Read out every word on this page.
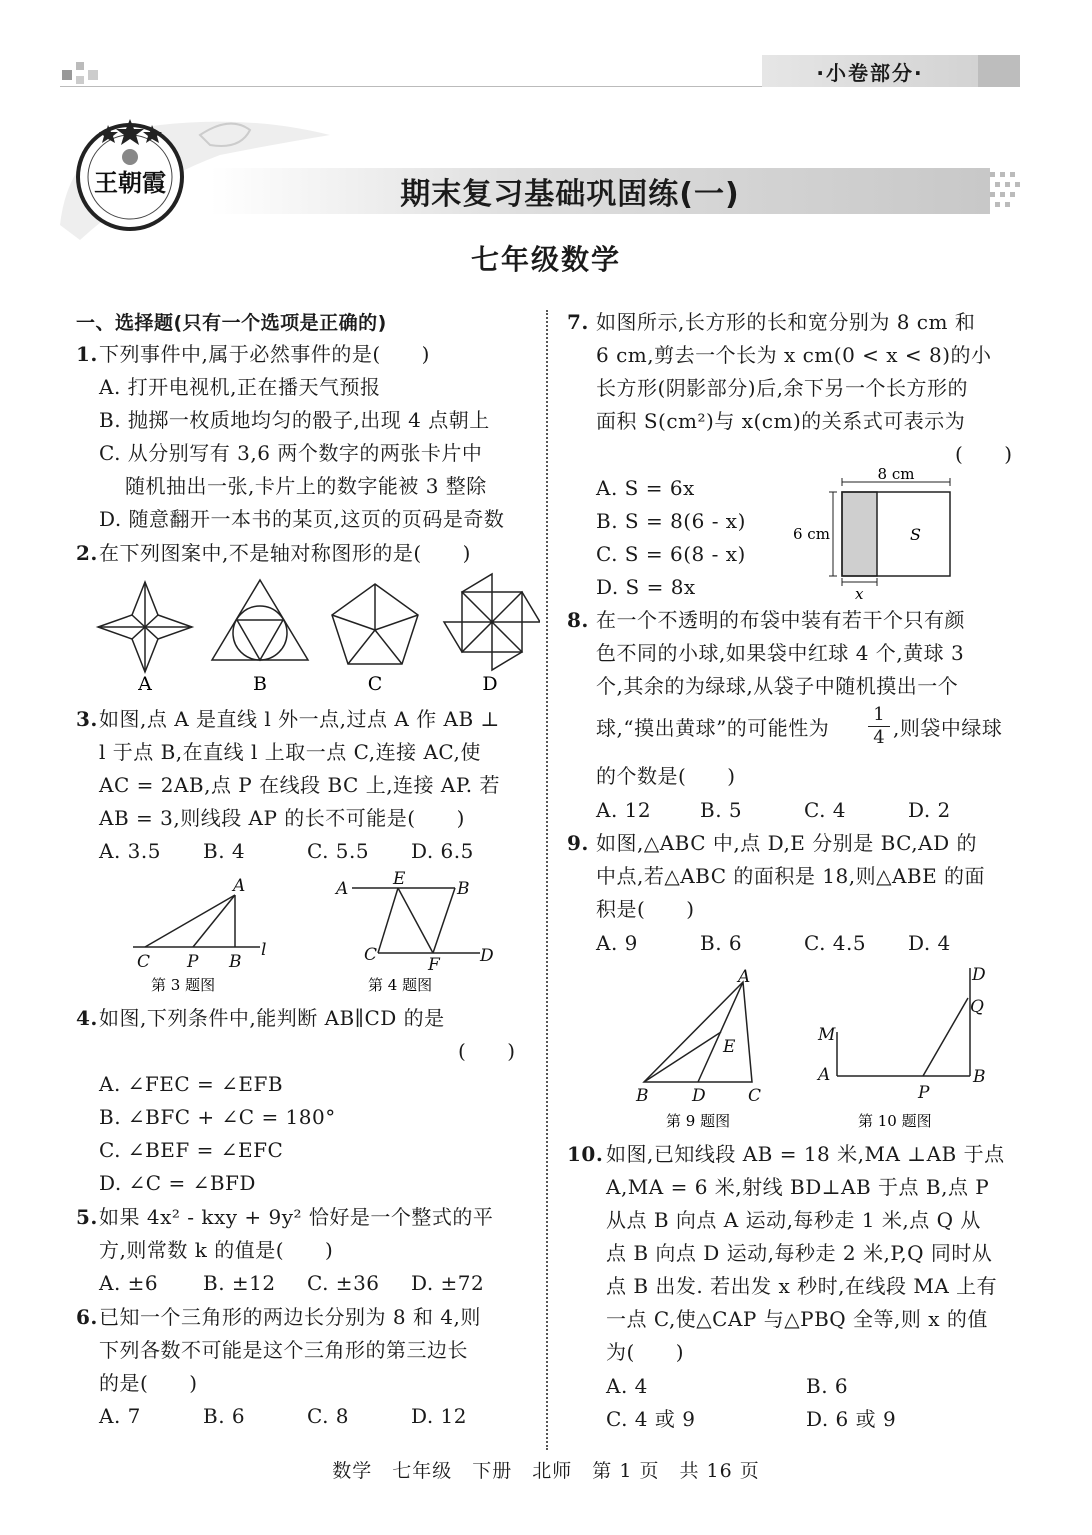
·小卷部分·
王朝霞	期末复习基础巩固练(一)
七年级数学
一、选择题(只有一个选项是正确的)
1. 下列事件中,属于必然事件的是(　　)
A. 打开电视机,正在播天气预报
B. 抛掷一枚质地均匀的骰子,出现 4 点朝上
C. 从分别写有 3,6 两个数字的两张卡片中
随机抽出一张,卡片上的数字能被 3 整除
D. 随意翻开一本书的某页,这页的页码是奇数
2. 在下列图案中,不是轴对称图形的是(　　)
A	B	C	D
3. 如图,点 A 是直线 l 外一点,过点 A 作 AB ⊥
l 于点 B,在直线 l 上取一点 C,连接 AC,使
AC = 2AB,点 P 在线段 BC 上,连接 AP. 若
AB = 3,则线段 AP 的长不可能是(　　)
A. 3.5 B. 4	C. 5.5 D. 6.5
A
C P B
l
第 3 题图
A	E	B
C	F D
第 4 题图
4. 如图,下列条件中,能判断 AB∥CD 的是
(　　)
A. ∠FEC = ∠EFB
B. ∠BFC + ∠C = 180°
C. ∠BEF = ∠EFC
D. ∠C = ∠BFD
5. 如果 4x² - kxy + 9y² 恰好是一个整式的平
方,则常数 k 的值是(　　)
A. ±6 B. ±12 C. ±36 D. ±72
6. 已知一个三角形的两边长分别为 8 和 4,则
下列各数不可能是这个三角形的第三边长
的是(　　)
A. 7	B. 6	C. 8	D. 12
7. 如图所示,长方形的长和宽分别为 8 cm 和
6 cm,剪去一个长为 x cm(0 < x < 8)的小
长方形(阴影部分)后,余下另一个长方形的
面积 S(cm²)与 x(cm)的关系式可表示为
(　　)
A. S = 6x
B. S = 8(6 - x)
C. S = 6(8 - x)
D. S = 8x
8 cm
6 cm	S
x
8. 在一个不透明的布袋中装有若干个只有颜
色不同的小球,如果袋中红球 4 个,黄球 3
个,其余的为绿球,从袋子中随机摸出一个
球,“摸出黄球”的可能性为 $\frac{1}{4}$ ,则袋中绿球
的个数是(　　)
A. 12 B. 5	C. 4	D. 2
9. 如图,△ABC 中,点 D,E 分别是 BC,AD 的
中点,若△ABC 的面积是 18,则△ABE 的面
积是(　　)
A. 9	B. 6	C. 4.5 D. 4
A
E
B	D C
第 9 题图
D
Q
M
A
P
B
第 10 题图
10. 如图,已知线段 AB = 18 米,MA ⊥AB 于点
A,MA = 6 米,射线 BD⊥AB 于点 B,点 P
从点 B 向点 A 运动,每秒走 1 米,点 Q 从
点 B 向点 D 运动,每秒走 2 米,P,Q 同时从
点 B 出发. 若出发 x 秒时,在线段 MA 上有
一点 C,使△CAP 与△PBQ 全等,则 x 的值
为(　　)
A. 4	B. 6
C. 4 或 9	D. 6 或 9
数学　七年级　下册　北师　第 1 页　共 16 页
